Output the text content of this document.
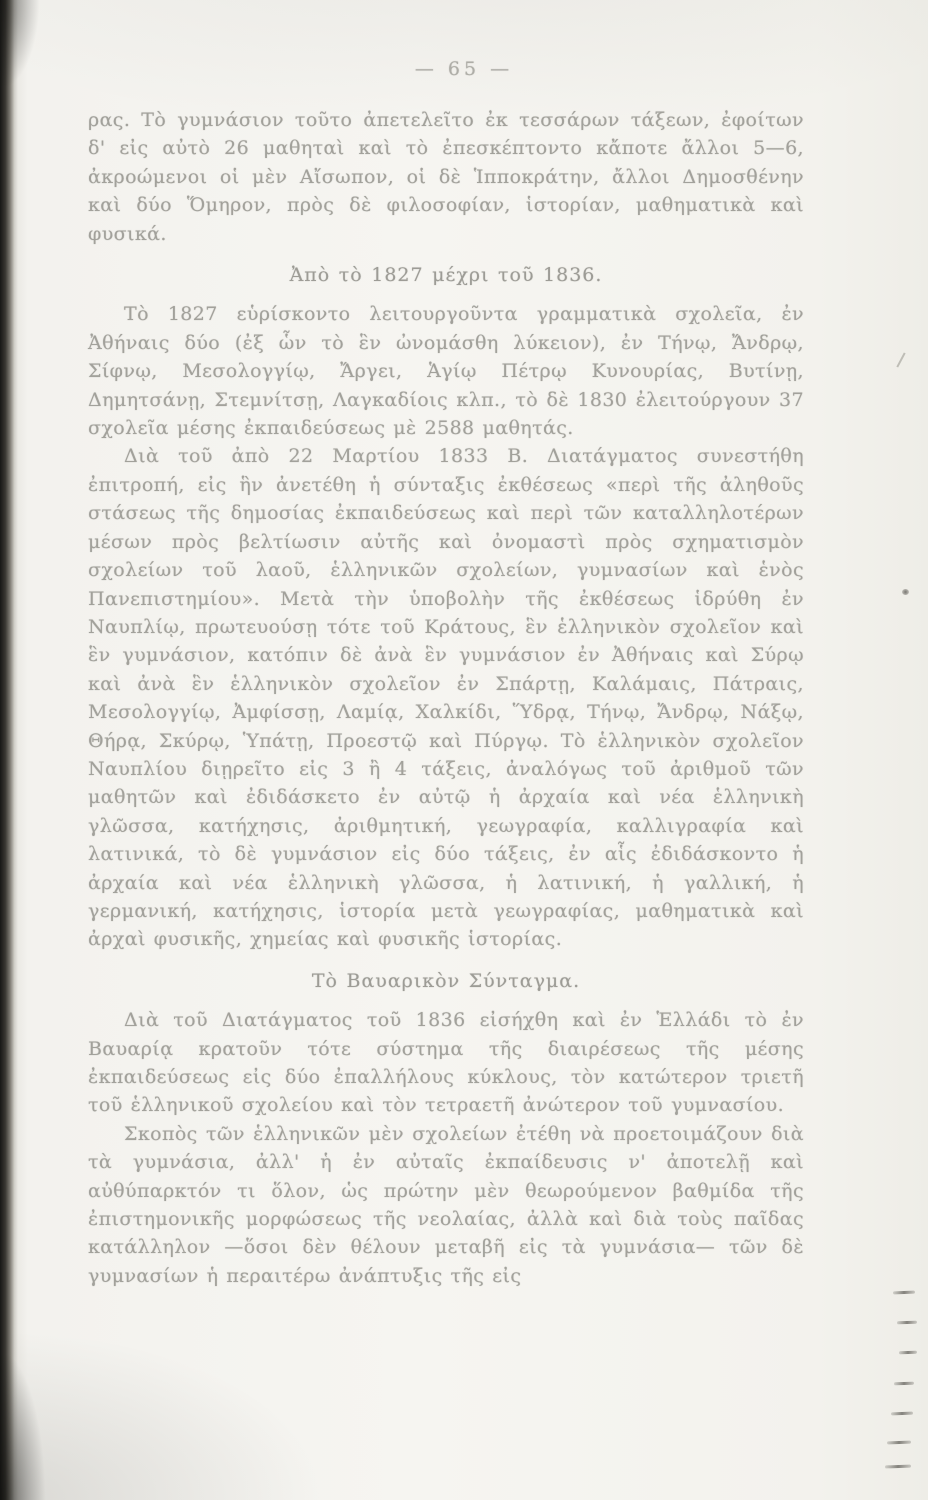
— 65 —

ρας. Τὸ γυμνάσιον τοῦτο ἀπετελεῖτο ἐκ τεσσάρων τάξεων, ἐφοίτων δ' εἰς αὐτὸ 26 μαθηταὶ καὶ τὸ ἐπεσκέπτοντο κἄποτε ἄλλοι 5—6, ἀκροώμενοι οἱ μὲν Αἴσωπον, οἱ δὲ Ἱπποκράτην, ἄλλοι Δημοσθένην καὶ δύο Ὅμηρον, πρὸς δὲ φιλοσοφίαν, ἱστορίαν, μαθηματικὰ καὶ φυσικά.

Ἀπὸ τὸ 1827 μέχρι τοῦ 1836.

Τὸ 1827 εὑρίσκοντο λειτουργοῦντα γραμματικὰ σχολεῖα, ἐν Ἀθήναις δύο (ἐξ ὧν τὸ ἓν ὠνομάσθη λύκειον), ἐν Τήνῳ, Ἄνδρῳ, Σίφνῳ, Μεσολογγίῳ, Ἄργει, Ἁγίῳ Πέτρῳ Κυνουρίας, Βυτίνῃ, Δημητσάνῃ, Στεμνίτσῃ, Λαγκαδίοις κλπ., τὸ δὲ 1830 ἐλειτούργουν 37 σχολεῖα μέσης ἐκπαιδεύσεως μὲ 2588 μαθητάς.

Διὰ τοῦ ἀπὸ 22 Μαρτίου 1833 Β. Διατάγματος συνεστήθη ἐπιτροπή, εἰς ἣν ἀνετέθη ἡ σύνταξις ἐκθέσεως «περὶ τῆς ἀληθοῦς στάσεως τῆς δημοσίας ἐκπαιδεύσεως καὶ περὶ τῶν καταλληλοτέρων μέσων πρὸς βελτίωσιν αὐτῆς καὶ ὀνομαστὶ πρὸς σχηματισμὸν σχολείων τοῦ λαοῦ, ἑλληνικῶν σχολείων, γυμνασίων καὶ ἑνὸς Πανεπιστημίου». Μετὰ τὴν ὑποβολὴν τῆς ἐκθέσεως ἱδρύθη ἐν Ναυπλίῳ, πρωτευούσῃ τότε τοῦ Κράτους, ἓν ἑλληνικὸν σχολεῖον καὶ ἓν γυμνάσιον, κατόπιν δὲ ἀνὰ ἓν γυμνάσιον ἐν Ἀθήναις καὶ Σύρῳ καὶ ἀνὰ ἓν ἑλληνικὸν σχολεῖον ἐν Σπάρτῃ, Καλάμαις, Πάτραις, Μεσολογγίῳ, Ἀμφίσσῃ, Λαμίᾳ, Χαλκίδι, Ὕδρᾳ, Τήνῳ, Ἄνδρῳ, Νάξῳ, Θήρᾳ, Σκύρῳ, Ὑπάτῃ, Προεστῷ καὶ Πύργῳ. Τὸ ἑλληνικὸν σχολεῖον Ναυπλίου διῃρεῖτο εἰς 3 ἢ 4 τάξεις, ἀναλόγως τοῦ ἀριθμοῦ τῶν μαθητῶν καὶ ἐδιδάσκετο ἐν αὐτῷ ἡ ἀρχαία καὶ νέα ἑλληνικὴ γλῶσσα, κατήχησις, ἀριθμητική, γεωγραφία, καλλιγραφία καὶ λατινικά, τὸ δὲ γυμνάσιον εἰς δύο τάξεις, ἐν αἷς ἐδιδάσκοντο ἡ ἀρχαία καὶ νέα ἑλληνικὴ γλῶσσα, ἡ λατινική, ἡ γαλλική, ἡ γερμανική, κατήχησις, ἱστορία μετὰ γεωγραφίας, μαθηματικὰ καὶ ἀρχαὶ φυσικῆς, χημείας καὶ φυσικῆς ἱστορίας.

Τὸ Βαυαρικὸν Σύνταγμα.

Διὰ τοῦ Διατάγματος τοῦ 1836 εἰσήχθη καὶ ἐν Ἑλλάδι τὸ ἐν Βαυαρίᾳ κρατοῦν τότε σύστημα τῆς διαιρέσεως τῆς μέσης ἐκπαιδεύσεως εἰς δύο ἐπαλλήλους κύκλους, τὸν κατώτερον τριετῆ τοῦ ἑλληνικοῦ σχολείου καὶ τὸν τετραετῆ ἀνώτερον τοῦ γυμνασίου.

Σκοπὸς τῶν ἑλληνικῶν μὲν σχολείων ἐτέθη νὰ προετοιμάζουν διὰ τὰ γυμνάσια, ἀλλ' ἡ ἐν αὐταῖς ἐκπαίδευσις ν' ἀποτελῇ καὶ αὐθύπαρκτόν τι ὅλον, ὡς πρώτην μὲν θεωρούμενον βαθμίδα τῆς ἐπιστημονικῆς μορφώσεως τῆς νεολαίας, ἀλλὰ καὶ διὰ τοὺς παῖδας κατάλληλον —ὅσοι δὲν θέλουν μεταβῆ εἰς τὰ γυμνάσια— τῶν δὲ γυμνασίων ἡ περαιτέρω ἀνάπτυξις τῆς εἰς
